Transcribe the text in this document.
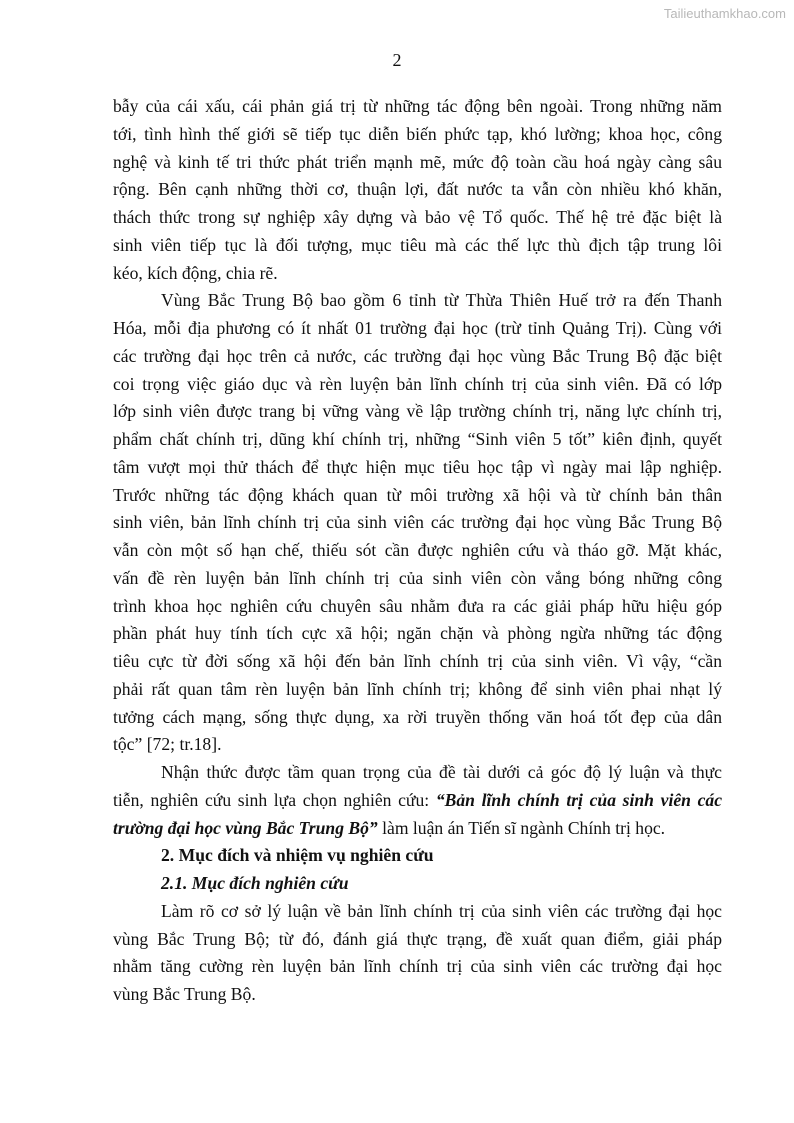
Tailieuthamkhao.com
2
bẫy của cái xấu, cái phản giá trị từ những tác động bên ngoài. Trong những năm
tới, tình hình thế giới sẽ tiếp tục diễn biến phức tạp, khó lường; khoa học, công
nghệ và kinh tế tri thức phát triển mạnh mẽ, mức độ toàn cầu hoá ngày càng sâu
rộng. Bên cạnh những thời cơ, thuận lợi, đất nước ta vẫn còn nhiều khó khăn,
thách thức trong sự nghiệp xây dựng và bảo vệ Tổ quốc. Thế hệ trẻ đặc biệt là
sinh viên tiếp tục là đối tượng, mục tiêu mà các thế lực thù địch tập trung lôi
kéo, kích động, chia rẽ.
Vùng Bắc Trung Bộ bao gồm 6 tỉnh từ Thừa Thiên Huế trở ra đến Thanh
Hóa, mỗi địa phương có ít nhất 01 trường đại học (trừ tỉnh Quảng Trị). Cùng với
các trường đại học trên cả nước, các trường đại học vùng Bắc Trung Bộ đặc biệt
coi trọng việc giáo dục và rèn luyện bản lĩnh chính trị của sinh viên. Đã có lớp
lớp sinh viên được trang bị vững vàng về lập trường chính trị, năng lực chính trị,
phẩm chất chính trị, dũng khí chính trị, những “Sinh viên 5 tốt” kiên định, quyết
tâm vượt mọi thử thách để thực hiện mục tiêu học tập vì ngày mai lập nghiệp.
Trước những tác động khách quan từ môi trường xã hội và từ chính bản thân
sinh viên, bản lĩnh chính trị của sinh viên các trường đại học vùng Bắc Trung Bộ
vẫn còn một số hạn chế, thiếu sót cần được nghiên cứu và tháo gỡ. Mặt khác,
vấn đề rèn luyện bản lĩnh chính trị của sinh viên còn vắng bóng những công
trình khoa học nghiên cứu chuyên sâu nhằm đưa ra các giải pháp hữu hiệu góp
phần phát huy tính tích cực xã hội; ngăn chặn và phòng ngừa những tác động
tiêu cực từ đời sống xã hội đến bản lĩnh chính trị của sinh viên. Vì vậy, “cần
phải rất quan tâm rèn luyện bản lĩnh chính trị; không để sinh viên phai nhạt lý
tưởng cách mạng, sống thực dụng, xa rời truyền thống văn hoá tốt đẹp của dân
tộc” [72; tr.18].
Nhận thức được tầm quan trọng của đề tài dưới cả góc độ lý luận và thực
tiễn, nghiên cứu sinh lựa chọn nghiên cứu: “Bản lĩnh chính trị của sinh viên các
trường đại học vùng Bắc Trung Bộ” làm luận án Tiến sĩ ngành Chính trị học.
2. Mục đích và nhiệm vụ nghiên cứu
2.1. Mục đích nghiên cứu
Làm rõ cơ sở lý luận về bản lĩnh chính trị của sinh viên các trường đại học
vùng Bắc Trung Bộ; từ đó, đánh giá thực trạng, đề xuất quan điểm, giải pháp
nhằm tăng cường rèn luyện bản lĩnh chính trị của sinh viên các trường đại học
vùng Bắc Trung Bộ.
